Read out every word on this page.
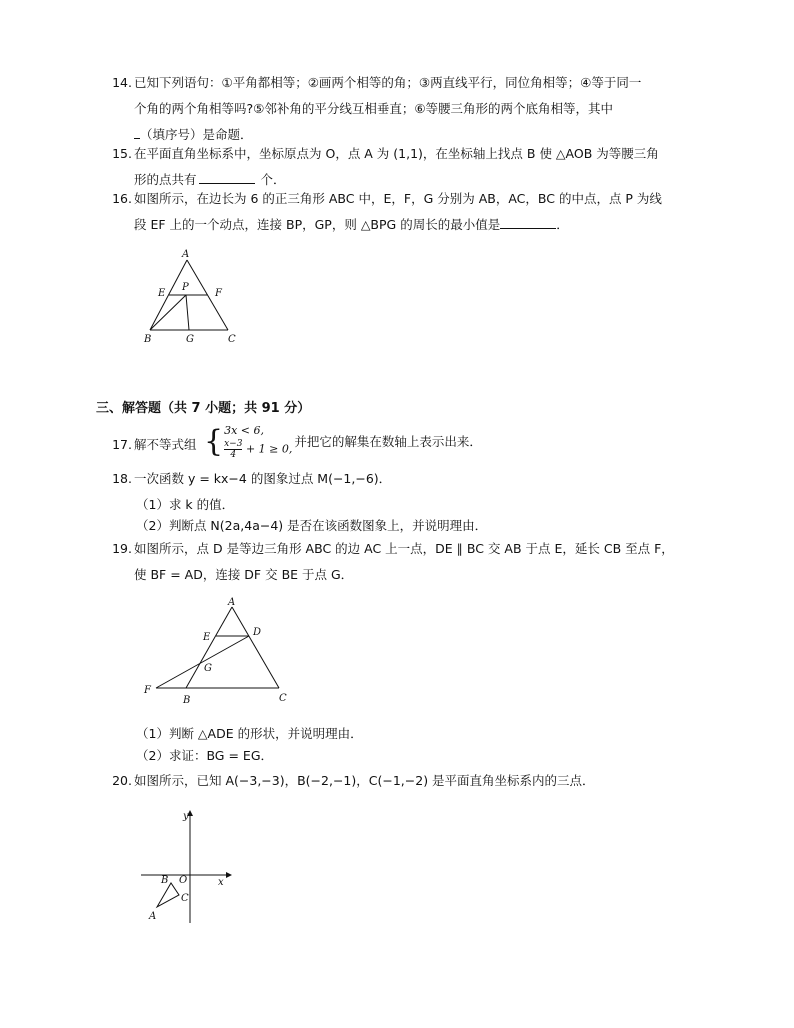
14. 已知下列语句：①平角都相等；②画两个相等的角；③两直线平行，同位角相等；④等于同一
个角的两个角相等吗?⑤邻补角的平分线互相垂直；⑥等腰三角形的两个底角相等，其中
（填序号）是命题．
15. 在平面直角坐标系中，坐标原点为 O，点 A 为 (1,1)，在坐标轴上找点 B 使 △AOB 为等腰三角
形的点共有	个．
16. 如图所示，在边长为 6 的正三角形 ABC 中，E，F，G 分别为 AB，AC，BC 的中点，点 P 为线
段 EF 上的一个动点，连接 BP，GP，则 △BPG 的周长的最小值是	．
A
E
P
F
B	G	C
三、解答题（共 7 小题；共 91 分）
17. 解不等式组 { 3x < 6,
$\frac{x-3}{4} + 1 \ge 0$,
并把它的解集在数轴上表示出来．
18. 一次函数 y = kx−4 的图象过点 M(−1,−6)．
（1）求 k 的值．
（2）判断点 N(2a,4a−4) 是否在该函数图象上，并说明理由．
19. 如图所示，点 D 是等边三角形 ABC 的边 AC 上一点，DE ∥ BC 交 AB 于点 E，延长 CB 至点 F，
使 BF = AD，连接 DF 交 BE 于点 G．
A
E	D
G
F
B	C
（1）判断 △ADE 的形状，并说明理由．
（2）求证：BG = EG．
20. 如图所示，已知 A(−3,−3)，B(−2,−1)，C(−1,−2) 是平面直角坐标系内的三点．
y
O	x
B
C
A
